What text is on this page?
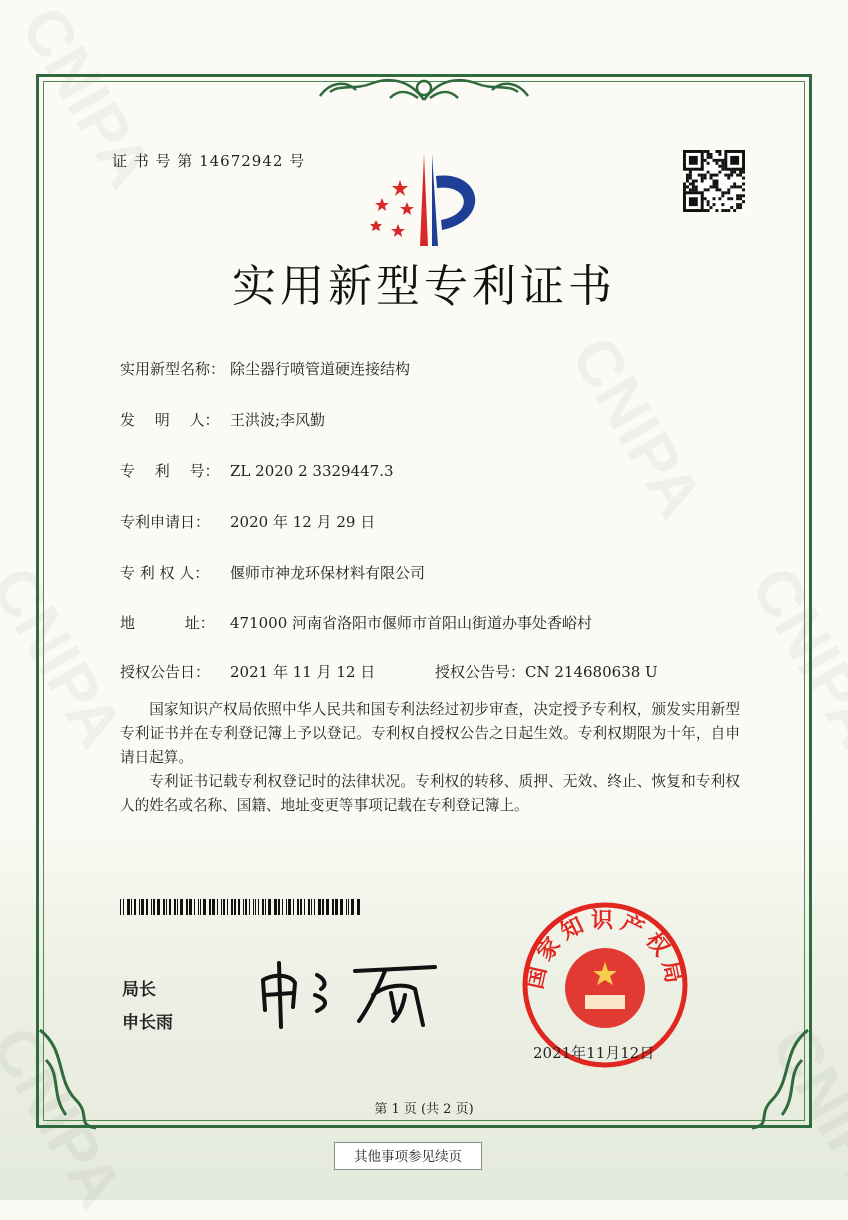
证 书 号 第 14672942 号
实用新型专利证书
实用新型名称： 除尘器行喷管道硬连接结构
发　 明　 人： 王洪波;李风勤
专　 利　 号： ZL 2020 2 3329447.3
专利申请日： 2020 年 12 月 29 日
专 利 权 人： 偃师市神龙环保材料有限公司
地　　　 址： 471000 河南省洛阳市偃师市首阳山街道办事处香峪村
授权公告日： 2021 年 11 月 12 日	授权公告号：CN 214680638 U

国家知识产权局依照中华人民共和国专利法经过初步审查，决定授予专利权，颁发实用新型专利证书并在专利登记簿上予以登记。专利权自授权公告之日起生效。专利权期限为十年，自申请日起算。

专利证书记载专利权登记时的法律状况。专利权的转移、质押、无效、终止、恢复和专利权人的姓名或名称、国籍、地址变更等事项记载在专利登记簿上。

局长
申长雨
国家知识产权局
2021年11月12日
第 1 页 (共 2 页)
其他事项参见续页
